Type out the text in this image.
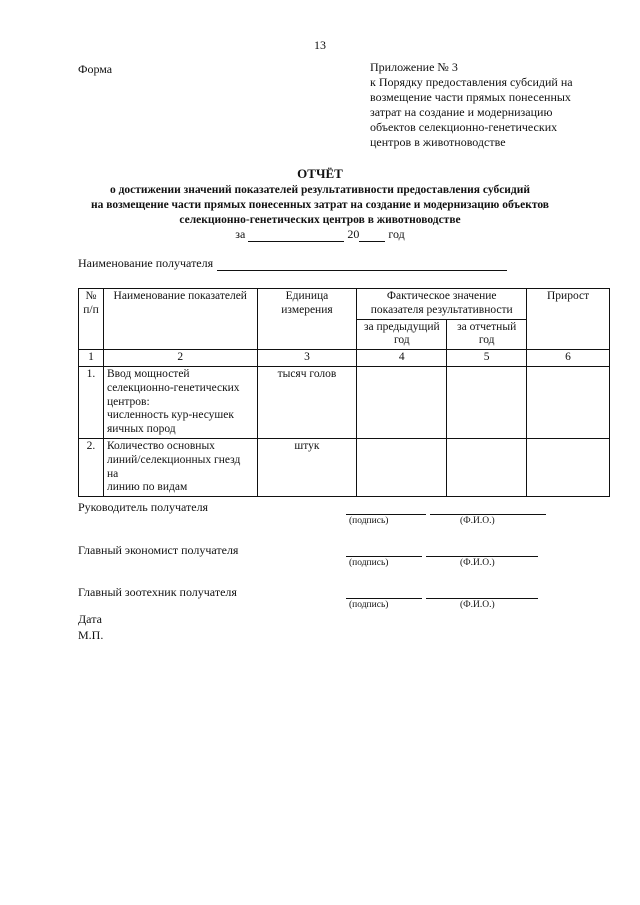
13
Форма	Приложение № 3
к Порядку предоставления субсидий на
возмещение части прямых понесенных
затрат на создание и модернизацию
объектов селекционно-генетических
центров в животноводстве
ОТЧЁТ
о достижении значений показателей результативности предоставления субсидий
на возмещение части прямых понесенных затрат на создание и модернизацию объектов
селекционно-генетических центров в животноводстве
за	20 год
Наименование получателя
№ п/п	Наименование показателей	Единица измерения	Фактическое значение показателя результативности		Прирост
			за предыдущий год	за отчетный год	
1	2	3	4	5	6
1.	Ввод мощностей
селекционно-генетических
центров:
численность кур-несушек
яичных пород	тысяч голов			
2.	Количество основных
линий/селекционных гнезд на
линию по видам	штук			
Руководитель получателя
(подпись)	(Ф.И.О.)
Главный экономист получателя
(подпись)	(Ф.И.О.)
Главный зоотехник получателя
(подпись)	(Ф.И.О.)
Дата
М.П.
